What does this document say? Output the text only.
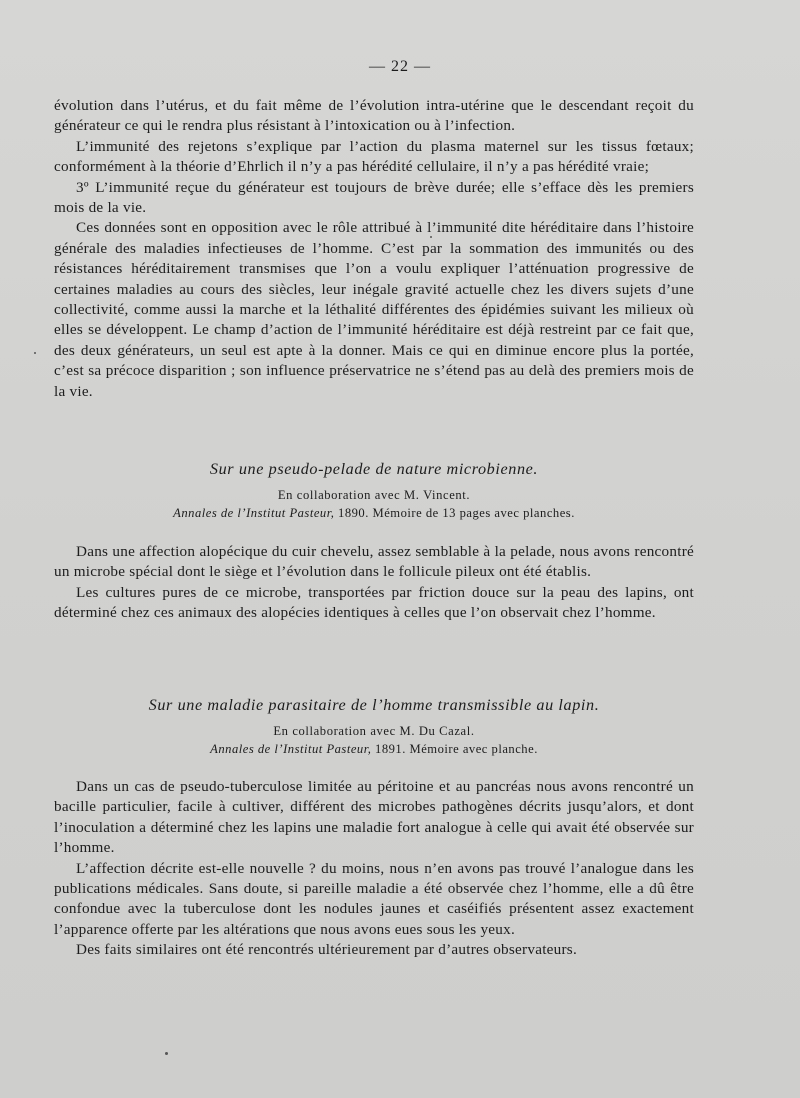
— 22 —

évolution dans l’utérus, et du fait même de l’évolution intra-utérine que le descendant reçoit du générateur ce qui le rendra plus résistant à l’intoxication ou à l’infection.

L’immunité des rejetons s’explique par l’action du plasma maternel sur les tissus fœtaux; conformément à la théorie d’Ehrlich il n’y a pas hérédité cellulaire, il n’y a pas hérédité vraie;

3º L’immunité reçue du générateur est toujours de brève durée; elle s’efface dès les premiers mois de la vie.

Ces données sont en opposition avec le rôle attribué à l’immunité dite héréditaire dans l’histoire générale des maladies infectieuses de l’homme. C’est par la sommation des immunités ou des résistances héréditairement transmises que l’on a voulu expliquer l’atténuation progressive de certaines maladies au cours des siècles, leur inégale gravité actuelle chez les divers sujets d’une collectivité, comme aussi la marche et la léthalité différentes des épidémies suivant les milieux où elles se développent. Le champ d’action de l’immunité héréditaire est déjà restreint par ce fait que, des deux générateurs, un seul est apte à la donner. Mais ce qui en diminue encore plus la portée, c’est sa précoce disparition ; son influence préservatrice ne s’étend pas au delà des premiers mois de la vie.

Sur une pseudo-pelade de nature microbienne.
En collaboration avec M. Vincent.
Annales de l’Institut Pasteur, 1890. Mémoire de 13 pages avec planches.

Dans une affection alopécique du cuir chevelu, assez semblable à la pelade, nous avons rencontré un microbe spécial dont le siège et l’évolution dans le follicule pileux ont été établis.

Les cultures pures de ce microbe, transportées par friction douce sur la peau des lapins, ont déterminé chez ces animaux des alopécies identiques à celles que l’on observait chez l’homme.

Sur une maladie parasitaire de l’homme transmissible au lapin.
En collaboration avec M. Du Cazal.
Annales de l’Institut Pasteur, 1891. Mémoire avec planche.

Dans un cas de pseudo-tuberculose limitée au péritoine et au pancréas nous avons rencontré un bacille particulier, facile à cultiver, différent des microbes pathogènes décrits jusqu’alors, et dont l’inoculation a déterminé chez les lapins une maladie fort analogue à celle qui avait été observée sur l’homme.

L’affection décrite est-elle nouvelle ? du moins, nous n’en avons pas trouvé l’analogue dans les publications médicales. Sans doute, si pareille maladie a été observée chez l’homme, elle a dû être confondue avec la tuberculose dont les nodules jaunes et caséifiés présentent assez exactement l’apparence offerte par les altérations que nous avons eues sous les yeux.

Des faits similaires ont été rencontrés ultérieurement par d’autres observateurs.
